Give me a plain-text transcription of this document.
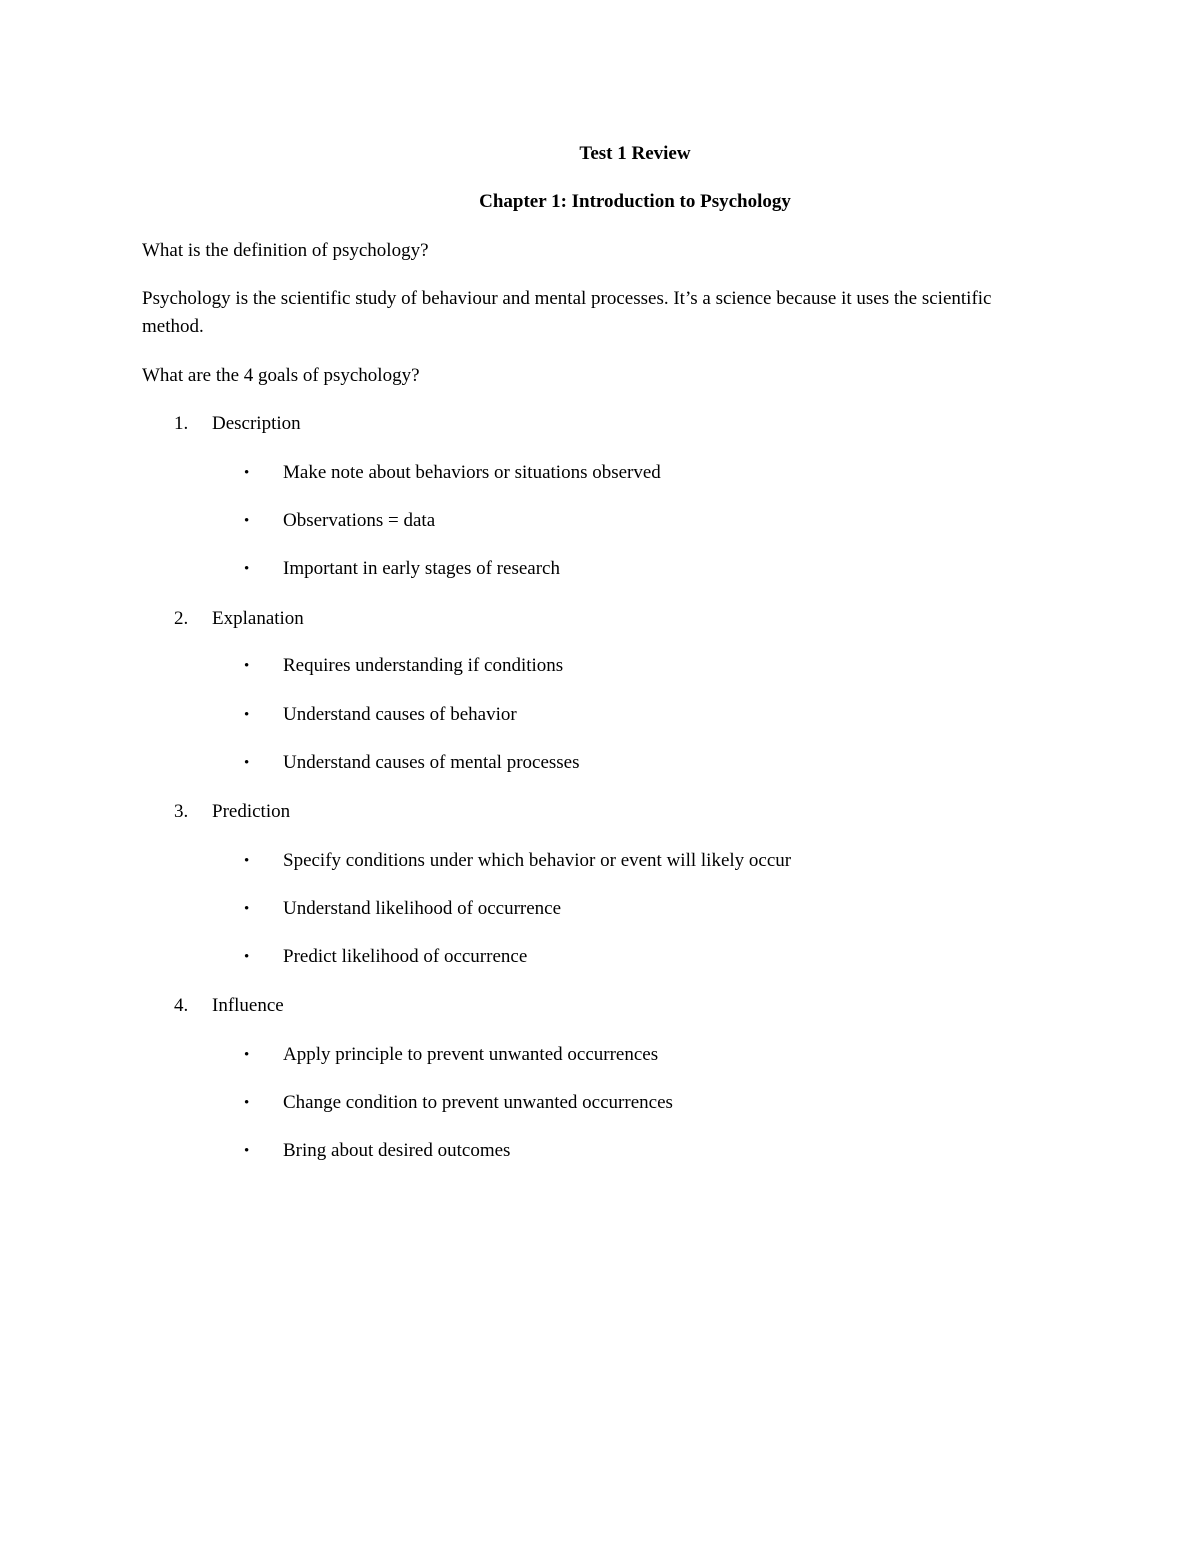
Test 1 Review
Chapter 1: Introduction to Psychology
What is the definition of psychology?
Psychology is the scientific study of behaviour and mental processes. It’s a science because it uses the scientific method.
What are the 4 goals of psychology?
1. Description
• Make note about behaviors or situations observed
• Observations = data
• Important in early stages of research
2. Explanation
• Requires understanding if conditions
• Understand causes of behavior
• Understand causes of mental processes
3. Prediction
• Specify conditions under which behavior or event will likely occur
• Understand likelihood of occurrence
• Predict likelihood of occurrence
4. Influence
• Apply principle to prevent unwanted occurrences
• Change condition to prevent unwanted occurrences
• Bring about desired outcomes
